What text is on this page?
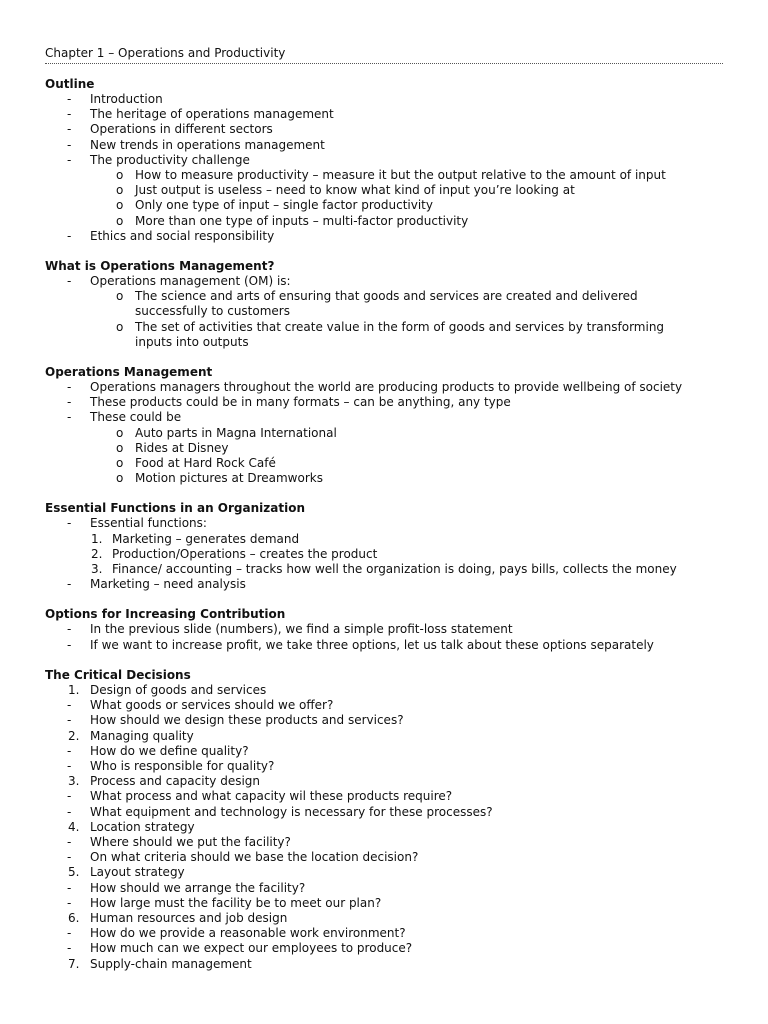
Chapter 1 – Operations and Productivity
Outline
- Introduction
- The heritage of operations management
- Operations in different sectors
- New trends in operations management
- The productivity challenge
o How to measure productivity – measure it but the output relative to the amount of input
o Just output is useless – need to know what kind of input you’re looking at
o Only one type of input – single factor productivity
o More than one type of inputs – multi-factor productivity
- Ethics and social responsibility
What is Operations Management?
- Operations management (OM) is:
o The science and arts of ensuring that goods and services are created and delivered
successfully to customers
o The set of activities that create value in the form of goods and services by transforming
inputs into outputs
Operations Management
- Operations managers throughout the world are producing products to provide wellbeing of society
- These products could be in many formats – can be anything, any type
- These could be
o Auto parts in Magna International
o Rides at Disney
o Food at Hard Rock Café
o Motion pictures at Dreamworks
Essential Functions in an Organization
- Essential functions:
1. Marketing – generates demand
2. Production/Operations – creates the product
3. Finance/ accounting – tracks how well the organization is doing, pays bills, collects the money
- Marketing – need analysis
Options for Increasing Contribution
- In the previous slide (numbers), we find a simple profit-loss statement
- If we want to increase profit, we take three options, let us talk about these options separately
The Critical Decisions
1. Design of goods and services
- What goods or services should we offer?
- How should we design these products and services?
2. Managing quality
- How do we define quality?
- Who is responsible for quality?
3. Process and capacity design
- What process and what capacity wil these products require?
- What equipment and technology is necessary for these processes?
4. Location strategy
- Where should we put the facility?
- On what criteria should we base the location decision?
5. Layout strategy
- How should we arrange the facility?
- How large must the facility be to meet our plan?
6. Human resources and job design
- How do we provide a reasonable work environment?
- How much can we expect our employees to produce?
7. Supply-chain management
